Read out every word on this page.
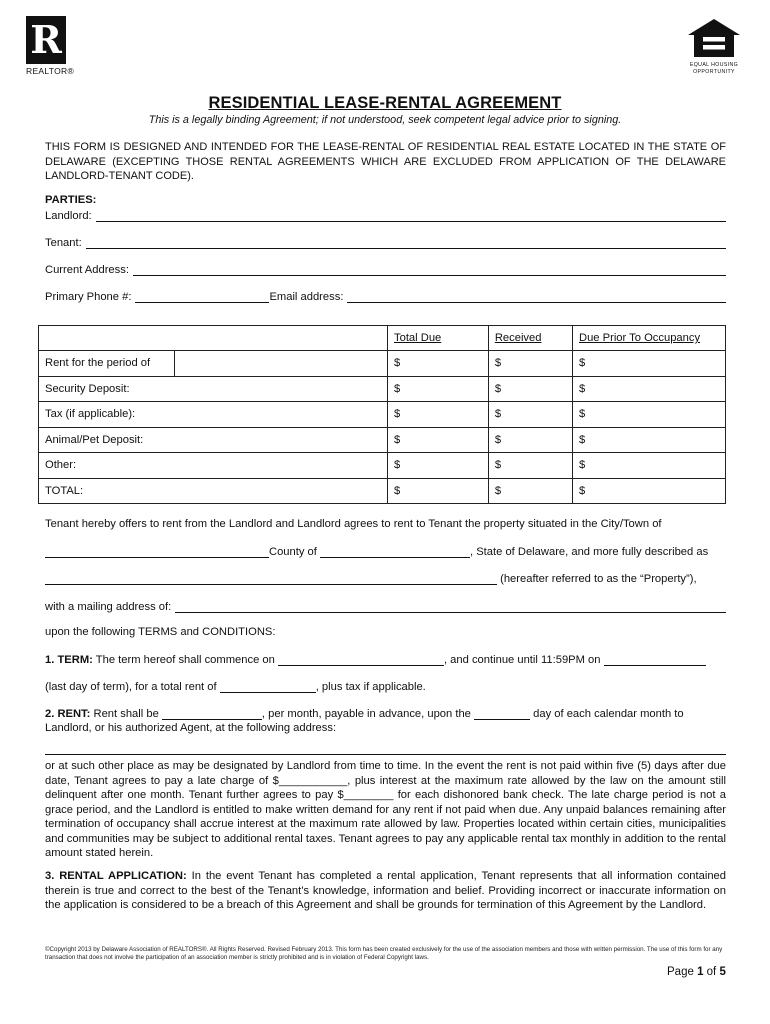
R
REALTOR®
EQUAL HOUSING
OPPORTUNITY
RESIDENTIAL LEASE-RENTAL AGREEMENT
This is a legally binding Agreement; if not understood, seek competent legal advice prior to signing.
THIS FORM IS DESIGNED AND INTENDED FOR THE LEASE-RENTAL OF RESIDENTIAL REAL ESTATE LOCATED IN THE STATE OF DELAWARE (EXCEPTING THOSE RENTAL AGREEMENTS WHICH ARE EXCLUDED FROM APPLICATION OF THE DELAWARE LANDLORD-TENANT CODE).
PARTIES:
Landlord:
Tenant:
Current Address:
Primary Phone #:	Email address:
		Total Due		Received		Due Prior To Occupancy
Rent for the period of		$		$		$
Security Deposit:		$		$		$
Tax (if applicable):		$		$		$
Animal/Pet Deposit:		$		$		$
Other:		$		$		$
TOTAL:		$		$		$
Tenant hereby offers to rent from the Landlord and Landlord agrees to rent to Tenant the property situated in the City/Town of
County of	, State of Delaware, and more fully described as
(hereafter referred to as the “Property”),
with a mailing address of:
upon the following TERMS and CONDITIONS:
1. TERM: The term hereof shall commence on	, and continue until 11:59PM on
(last day of term), for a total rent of	, plus tax if applicable.
2. RENT: Rent shall be	, per month, payable in advance, upon the	day of each calendar month to
Landlord, or his authorized Agent, at the following address:
or at such other place as may be designated by Landlord from time to time. In the event the rent is not paid within five (5) days after due date, Tenant agrees to pay a late charge of $___________, plus interest at the maximum rate allowed by the law on the amount still delinquent after one month. Tenant further agrees to pay $________ for each dishonored bank check. The late charge period is not a grace period, and the Landlord is entitled to make written demand for any rent if not paid when due. Any unpaid balances remaining after termination of occupancy shall accrue interest at the maximum rate allowed by law. Properties located within certain cities, municipalities and communities may be subject to additional rental taxes. Tenant agrees to pay any applicable rental tax monthly in addition to the rental amount stated herein.
3. RENTAL APPLICATION: In the event Tenant has completed a rental application, Tenant represents that all information contained therein is true and correct to the best of the Tenant’s knowledge, information and belief. Providing incorrect or inaccurate information on the application is considered to be a breach of this Agreement and shall be grounds for termination of this Agreement by the Landlord.
©Copyright 2013 by Delaware Association of REALTORS®. All Rights Reserved. Revised February 2013. This form has been created exclusively for the use of the association members and those with written permission. The use of this form for any transaction that does not involve the participation of an association member is strictly prohibited and is in violation of Federal Copyright laws.
Page 1 of 5
